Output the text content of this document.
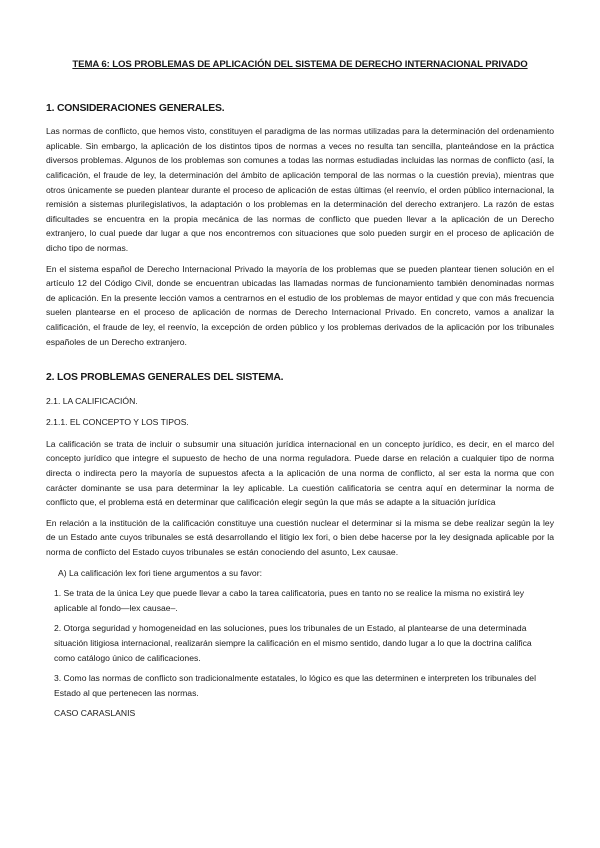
TEMA 6: LOS PROBLEMAS DE APLICACIÓN DEL SISTEMA DE DERECHO INTERNACIONAL PRIVADO
1. CONSIDERACIONES GENERALES.

Las normas de conflicto, que hemos visto, constituyen el paradigma de las normas utilizadas para la determinación del ordenamiento aplicable. Sin embargo, la aplicación de los distintos tipos de normas a veces no resulta tan sencilla, planteándose en la práctica diversos problemas. Algunos de los problemas son comunes a todas las normas estudiadas incluidas las normas de conflicto (así, la calificación, el fraude de ley, la determinación del ámbito de aplicación temporal de las normas o la cuestión previa), mientras que otros únicamente se pueden plantear durante el proceso de aplicación de estas últimas (el reenvío, el orden público internacional, la remisión a sistemas plurilegislativos, la adaptación o los problemas en la determinación del derecho extranjero. La razón de estas dificultades se encuentra en la propia mecánica de las normas de conflicto que pueden llevar a la aplicación de un Derecho extranjero, lo cual puede dar lugar a que nos encontremos con situaciones que solo pueden surgir en el proceso de aplicación de dicho tipo de normas.

En el sistema español de Derecho Internacional Privado la mayoría de los problemas que se pueden plantear tienen solución en el artículo 12 del Código Civil, donde se encuentran ubicadas las llamadas normas de funcionamiento también denominadas normas de aplicación. En la presente lección vamos a centrarnos en el estudio de los problemas de mayor entidad y que con más frecuencia suelen plantearse en el proceso de aplicación de normas de Derecho Internacional Privado. En concreto, vamos a analizar la calificación, el fraude de ley, el reenvío, la excepción de orden público y los problemas derivados de la aplicación por los tribunales españoles de un Derecho extranjero.

2. LOS PROBLEMAS GENERALES DEL SISTEMA.
2.1. LA CALIFICACIÓN.
2.1.1. EL CONCEPTO Y LOS TIPOS.

La calificación se trata de incluir o subsumir una situación jurídica internacional en un concepto jurídico, es decir, en el marco del concepto jurídico que integre el supuesto de hecho de una norma reguladora. Puede darse en relación a cualquier tipo de norma directa o indirecta pero la mayoría de supuestos afecta a la aplicación de una norma de conflicto, al ser esta la norma que con carácter dominante se usa para determinar la ley aplicable. La cuestión calificatoria se centra aquí en determinar la norma de conflicto que, el problema está en determinar que calificación elegir según la que más se adapte a la situación jurídica

En relación a la institución de la calificación constituye una cuestión nuclear el determinar si la misma se debe realizar según la ley de un Estado ante cuyos tribunales se está desarrollando el litigio lex fori, o bien debe hacerse por la ley designada aplicable por la norma de conflicto del Estado cuyos tribunales se están conociendo del asunto, Lex causae.

A) La calificación lex fori tiene argumentos a su favor:
1. Se trata de la única Ley que puede llevar a cabo la tarea calificatoria, pues en tanto no se realice la misma no existirá ley aplicable al fondo—lex causae–.
2. Otorga seguridad y homogeneidad en las soluciones, pues los tribunales de un Estado, al plantearse de una determinada situación litigiosa internacional, realizarán siempre la calificación en el mismo sentido, dando lugar a lo que la doctrina califica como catálogo único de calificaciones.
3. Como las normas de conflicto son tradicionalmente estatales, lo lógico es que las determinen e interpreten los tribunales del Estado al que pertenecen las normas.
CASO CARASLANIS
